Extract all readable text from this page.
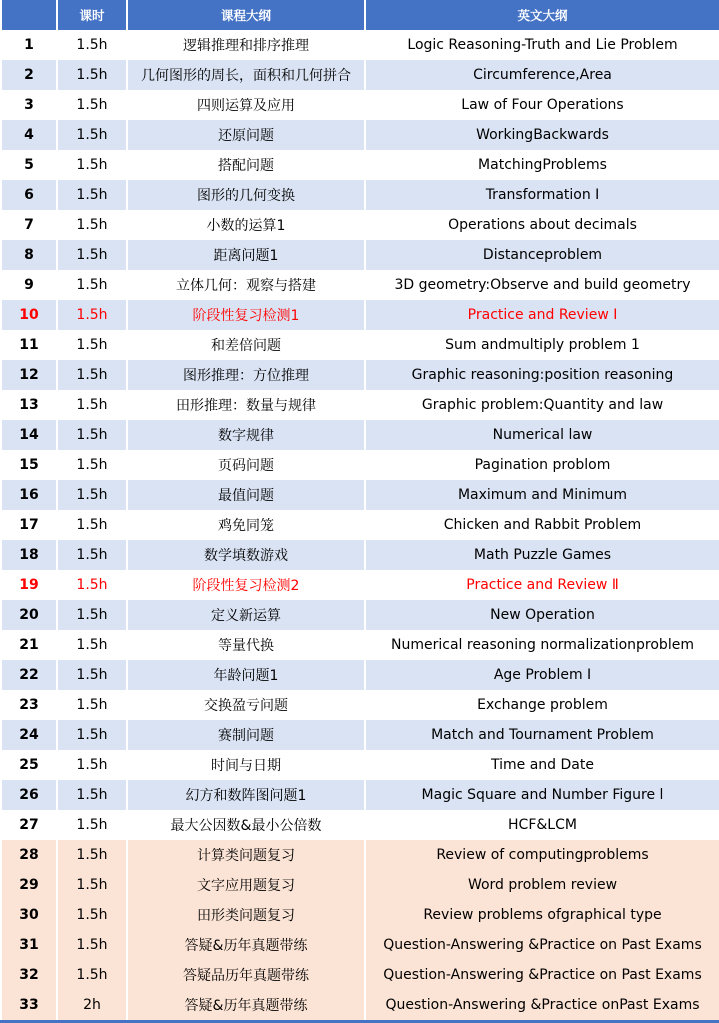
	课时	课程大纲	英文大纲
1	1.5h	逻辑推理和排序推理	Logic Reasoning-Truth and Lie Problem
2	1.5h	几何图形的周长，面积和几何拼合	Circumference,Area
3	1.5h	四则运算及应用	Law of Four Operations
4	1.5h	还原问题	WorkingBackwards
5	1.5h	搭配问题	MatchingProblems
6	1.5h	图形的几何变换	Transformation I
7	1.5h	小数的运算1	Operations about decimals
8	1.5h	距离问题1	Distanceproblem
9	1.5h	立体几何：观察与搭建	3D geometry:Observe and build geometry
10	1.5h	阶段性复习检测1	Practice and Review I
11	1.5h	和差倍问题	Sum andmultiply problem 1
12	1.5h	图形推理：方位推理	Graphic reasoning:position reasoning
13	1.5h	田形推理：数量与规律	Graphic problem:Quantity and law
14	1.5h	数字规律	Numerical law
15	1.5h	页码问题	Pagination problom
16	1.5h	最值问题	Maximum and Minimum
17	1.5h	鸡免同笼	Chicken and Rabbit Problem
18	1.5h	数学填数游戏	Math Puzzle Games
19	1.5h	阶段性复习检测2	Practice and Review Ⅱ
20	1.5h	定义新运算	New Operation
21	1.5h	等量代换	Numerical reasoning normalizationproblem
22	1.5h	年龄问题1	Age Problem I
23	1.5h	交换盈亏问题	Exchange problem
24	1.5h	赛制问题	Match and Tournament Problem
25	1.5h	时间与日期	Time and Date
26	1.5h	幻方和数阵图问题1	Magic Square and Number Figure l
27	1.5h	最大公因数&最小公倍数	HCF&LCM
28	1.5h	计算类问题复习	Review of computingproblems
29	1.5h	文字应用题复习	Word problem review
30	1.5h	田形类问题复习	Review problems ofgraphical type
31	1.5h	答疑&历年真题带练	Question-Answering &Practice on Past Exams
32	1.5h	答疑品历年真题带练	Question-Answering &Practice on Past Exams
33	2h	答疑&历年真题带练	Question-Answering &Practice onPast Exams
